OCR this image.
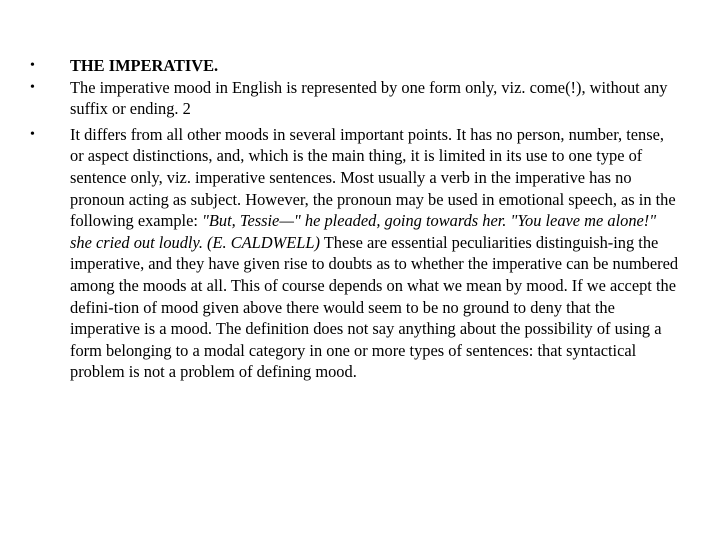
• THE IMPERATIVE.
• The imperative mood in English is represented by one form only, viz. come(!), without any suffix or ending. 2
• It differs from all other moods in several important points. It has no person, number, tense, or aspect distinctions, and, which is the main thing, it is limited in its use to one type of sentence only, viz. imperative sentences. Most usually a verb in the imperative has no pronoun acting as subject. However, the pronoun may be used in emotional speech, as in the following example: "But, Tessie—" he pleaded, going towards her. "You leave me alone!" she cried out loudly. (E. CALDWELL) These are essential peculiarities distinguish-ing the imperative, and they have given rise to doubts as to whether the imperative can be numbered among the moods at all. This of course depends on what we mean by mood. If we accept the defini-tion of mood given above there would seem to be no ground to deny that the imperative is a mood. The definition does not say anything about the possibility of using a form belonging to a modal category in one or more types of sentences: that syntactical problem is not a problem of defining mood.
